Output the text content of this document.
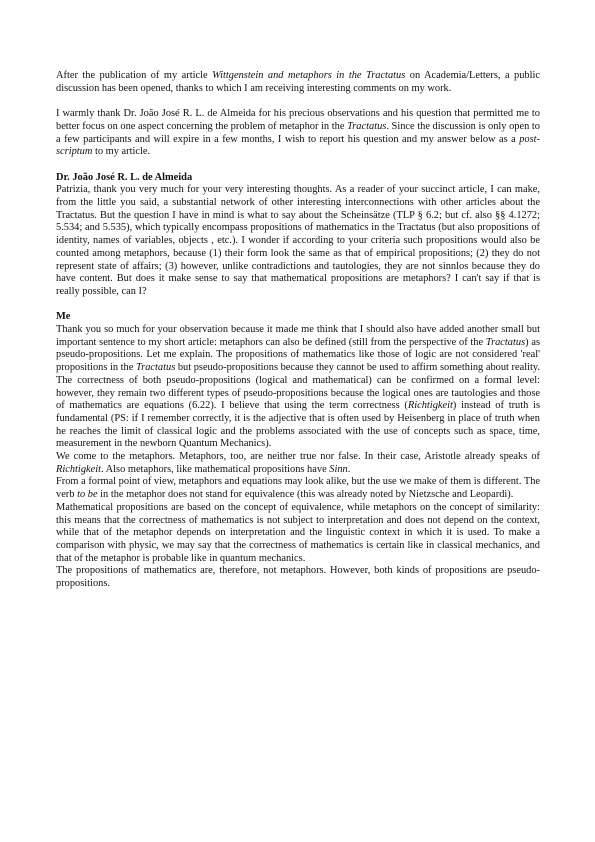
After the publication of my article Wittgenstein and metaphors in the Tractatus on Academia/Letters, a public discussion has been opened, thanks to which I am receiving interesting comments on my work.

I warmly thank Dr. João José R. L. de Almeida for his precious observations and his question that permitted me to better focus on one aspect concerning the problem of metaphor in the Tractatus. Since the discussion is only open to a few participants and will expire in a few months, I wish to report his question and my answer below as a post-scriptum to my article.

Dr. João José R. L. de Almeida

Patrizia, thank you very much for your very interesting thoughts. As a reader of your succinct article, I can make, from the little you said, a substantial network of other interesting interconnections with other articles about the Tractatus. But the question I have in mind is what to say about the Scheinsätze (TLP § 6.2; but cf. also §§ 4.1272; 5.534; and 5.535), which typically encompass propositions of mathematics in the Tractatus (but also propositions of identity, names of variables, objects , etc.). I wonder if according to your criteria such propositions would also be counted among metaphors, because (1) their form look the same as that of empirical propositions; (2) they do not represent state of affairs; (3) however, unlike contradictions and tautologies, they are not sinnlos because they do have content. But does it make sense to say that mathematical propositions are metaphors? I can't say if that is really possible, can I?

Me

Thank you so much for your observation because it made me think that I should also have added another small but important sentence to my short article: metaphors can also be defined (still from the perspective of the Tractatus) as pseudo-propositions. Let me explain. The propositions of mathematics like those of logic are not considered 'real' propositions in the Tractatus but pseudo-propositions because they cannot be used to affirm something about reality. The correctness of both pseudo-propositions (logical and mathematical) can be confirmed on a formal level: however, they remain two different types of pseudo-propositions because the logical ones are tautologies and those of mathematics are equations (6.22). I believe that using the term correctness (Richtigkeit) instead of truth is fundamental (PS: if I remember correctly, it is the adjective that is often used by Heisenberg in place of truth when he reaches the limit of classical logic and the problems associated with the use of concepts such as space, time, measurement in the newborn Quantum Mechanics).

We come to the metaphors. Metaphors, too, are neither true nor false. In their case, Aristotle already speaks of Richtigkeit. Also metaphors, like mathematical propositions have Sinn.

From a formal point of view, metaphors and equations may look alike, but the use we make of them is different. The verb to be in the metaphor does not stand for equivalence (this was already noted by Nietzsche and Leopardi).

Mathematical propositions are based on the concept of equivalence, while metaphors on the concept of similarity: this means that the correctness of mathematics is not subject to interpretation and does not depend on the context, while that of the metaphor depends on interpretation and the linguistic context in which it is used. To make a comparison with physic, we may say that the correctness of mathematics is certain like in classical mechanics, and that of the metaphor is probable like in quantum mechanics.

The propositions of mathematics are, therefore, not metaphors. However, both kinds of propositions are pseudo-propositions.
